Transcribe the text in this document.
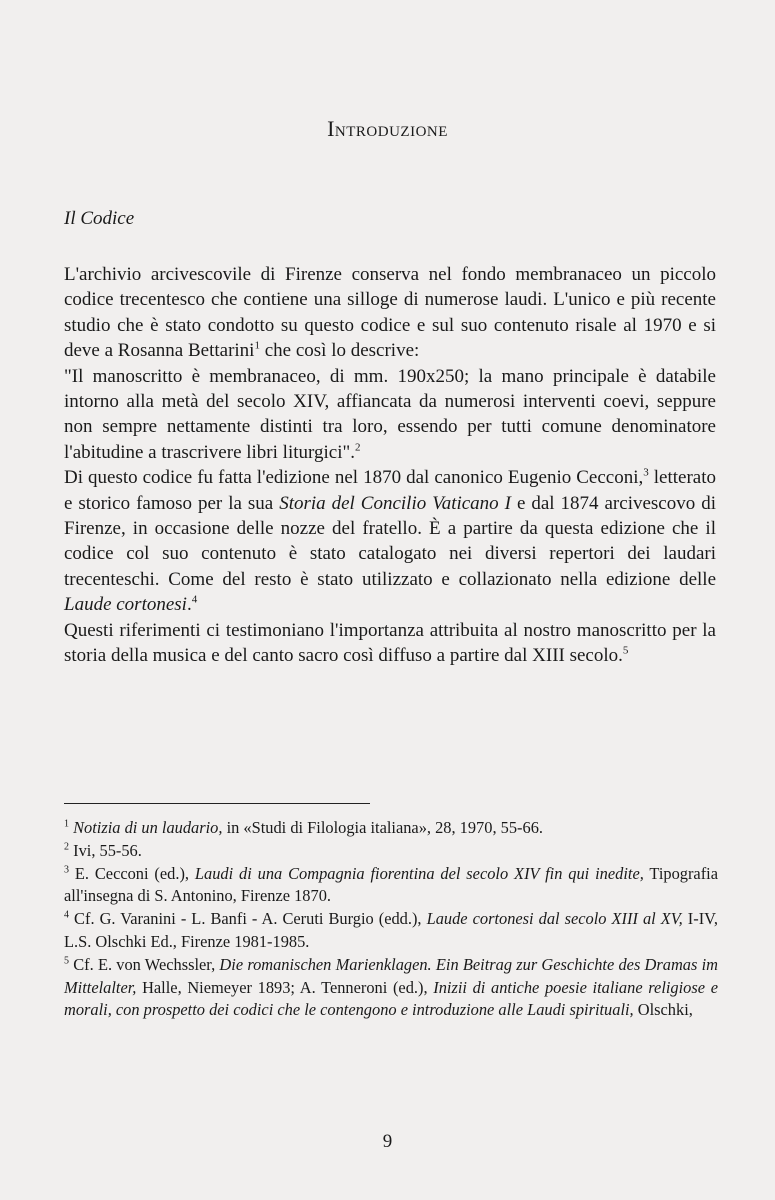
Introduzione
Il Codice

L'archivio arcivescovile di Firenze conserva nel fondo membranaceo un piccolo codice trecentesco che contiene una silloge di numerose laudi. L'unico e più recente studio che è stato condotto su questo codice e sul suo contenuto risale al 1970 e si deve a Rosanna Bettarini$^1$ che così lo descrive:

"Il manoscritto è membranaceo, di mm. 190x250; la mano principale è databile intorno alla metà del secolo XIV, affiancata da numerosi interventi coevi, seppure non sempre nettamente distinti tra loro, essendo per tutti comune denominatore l'abitudine a trascrivere libri liturgici".$^2$

Di questo codice fu fatta l'edizione nel 1870 dal canonico Eugenio Cecconi,$^3$ letterato e storico famoso per la sua Storia del Concilio Vaticano I e dal 1874 arcivescovo di Firenze, in occasione delle nozze del fratello. È a partire da questa edizione che il codice col suo contenuto è stato catalogato nei diversi repertori dei laudari trecenteschi. Come del resto è stato utilizzato e collazionato nella edizione delle Laude cortonesi.$^4$

Questi riferimenti ci testimoniano l'importanza attribuita al nostro manoscritto per la storia della musica e del canto sacro così diffuso a partire dal XIII secolo.$^5$

$^1$ Notizia di un laudario, in «Studi di Filologia italiana», 28, 1970, 55-66.

$^2$ Ivi, 55-56.

$^3$ E. Cecconi (ed.), Laudi di una Compagnia fiorentina del secolo XIV fin qui inedite, Tipografia all'insegna di S. Antonino, Firenze 1870.

$^4$ Cf. G. Varanini - L. Banfi - A. Ceruti Burgio (edd.), Laude cortonesi dal secolo XIII al XV, I-IV, L.S. Olschki Ed., Firenze 1981-1985.

$^5$ Cf. E. von Wechssler, Die romanischen Marienklagen. Ein Beitrag zur Geschichte des Dramas im Mittelalter, Halle, Niemeyer 1893; A. Tenneroni (ed.), Inizii di antiche poesie italiane religiose e morali, con prospetto dei codici che le contengono e introduzione alle Laudi spirituali, Olschki,

9
